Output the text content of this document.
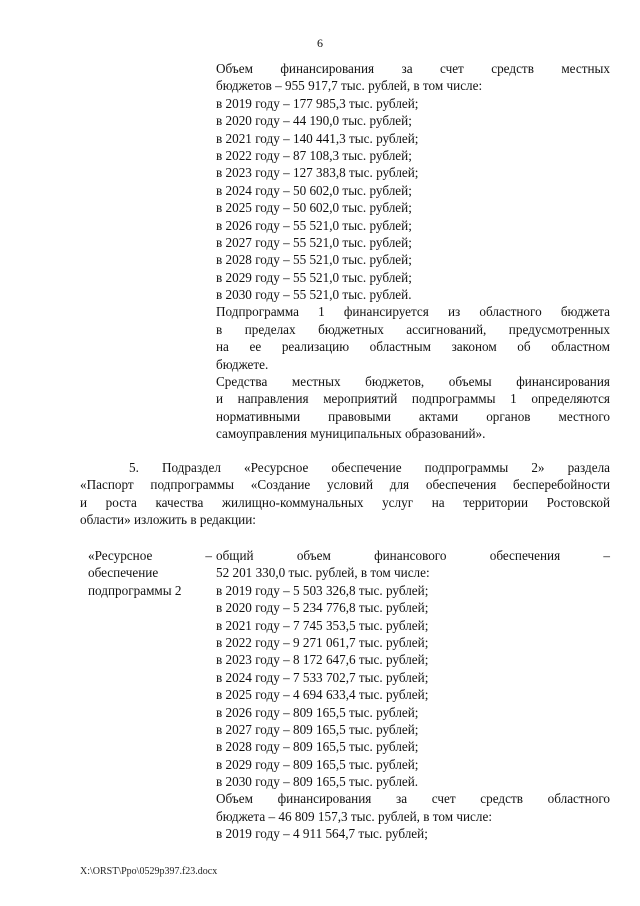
6
Объем финансирования за счет средств местных
бюджетов – 955 917,7 тыс. рублей, в том числе:
в 2019 году – 177 985,3 тыс. рублей;
в 2020 году – 44 190,0 тыс. рублей;
в 2021 году – 140 441,3 тыс. рублей;
в 2022 году – 87 108,3 тыс. рублей;
в 2023 году – 127 383,8 тыс. рублей;
в 2024 году – 50 602,0 тыс. рублей;
в 2025 году – 50 602,0 тыс. рублей;
в 2026 году – 55 521,0 тыс. рублей;
в 2027 году – 55 521,0 тыс. рублей;
в 2028 году – 55 521,0 тыс. рублей;
в 2029 году – 55 521,0 тыс. рублей;
в 2030 году – 55 521,0 тыс. рублей.
Подпрограмма 1 финансируется из областного бюджета
в пределах бюджетных ассигнований, предусмотренных
на ее реализацию областным законом об областном
бюджете.
Средства местных бюджетов, объемы финансирования
и направления мероприятий подпрограммы 1 определяются
нормативными правовыми актами органов местного
самоуправления муниципальных образований».
5. Подраздел «Ресурсное обеспечение подпрограммы 2» раздела
«Паспорт подпрограммы «Создание условий для обеспечения бесперебойности
и роста качества жилищно-коммунальных услуг на территории Ростовской
области» изложить в редакции:
«Ресурсное –
обеспечение
подпрограммы 2
общий объем финансового обеспечения –
52 201 330,0 тыс. рублей, в том числе:
в 2019 году – 5 503 326,8 тыс. рублей;
в 2020 году – 5 234 776,8 тыс. рублей;
в 2021 году – 7 745 353,5 тыс. рублей;
в 2022 году – 9 271 061,7 тыс. рублей;
в 2023 году – 8 172 647,6 тыс. рублей;
в 2024 году – 7 533 702,7 тыс. рублей;
в 2025 году – 4 694 633,4 тыс. рублей;
в 2026 году – 809 165,5 тыс. рублей;
в 2027 году – 809 165,5 тыс. рублей;
в 2028 году – 809 165,5 тыс. рублей;
в 2029 году – 809 165,5 тыс. рублей;
в 2030 году – 809 165,5 тыс. рублей.
Объем финансирования за счет средств областного
бюджета – 46 809 157,3 тыс. рублей, в том числе:
в 2019 году – 4 911 564,7 тыс. рублей;
X:\ORST\Ppo\0529p397.f23.docx
